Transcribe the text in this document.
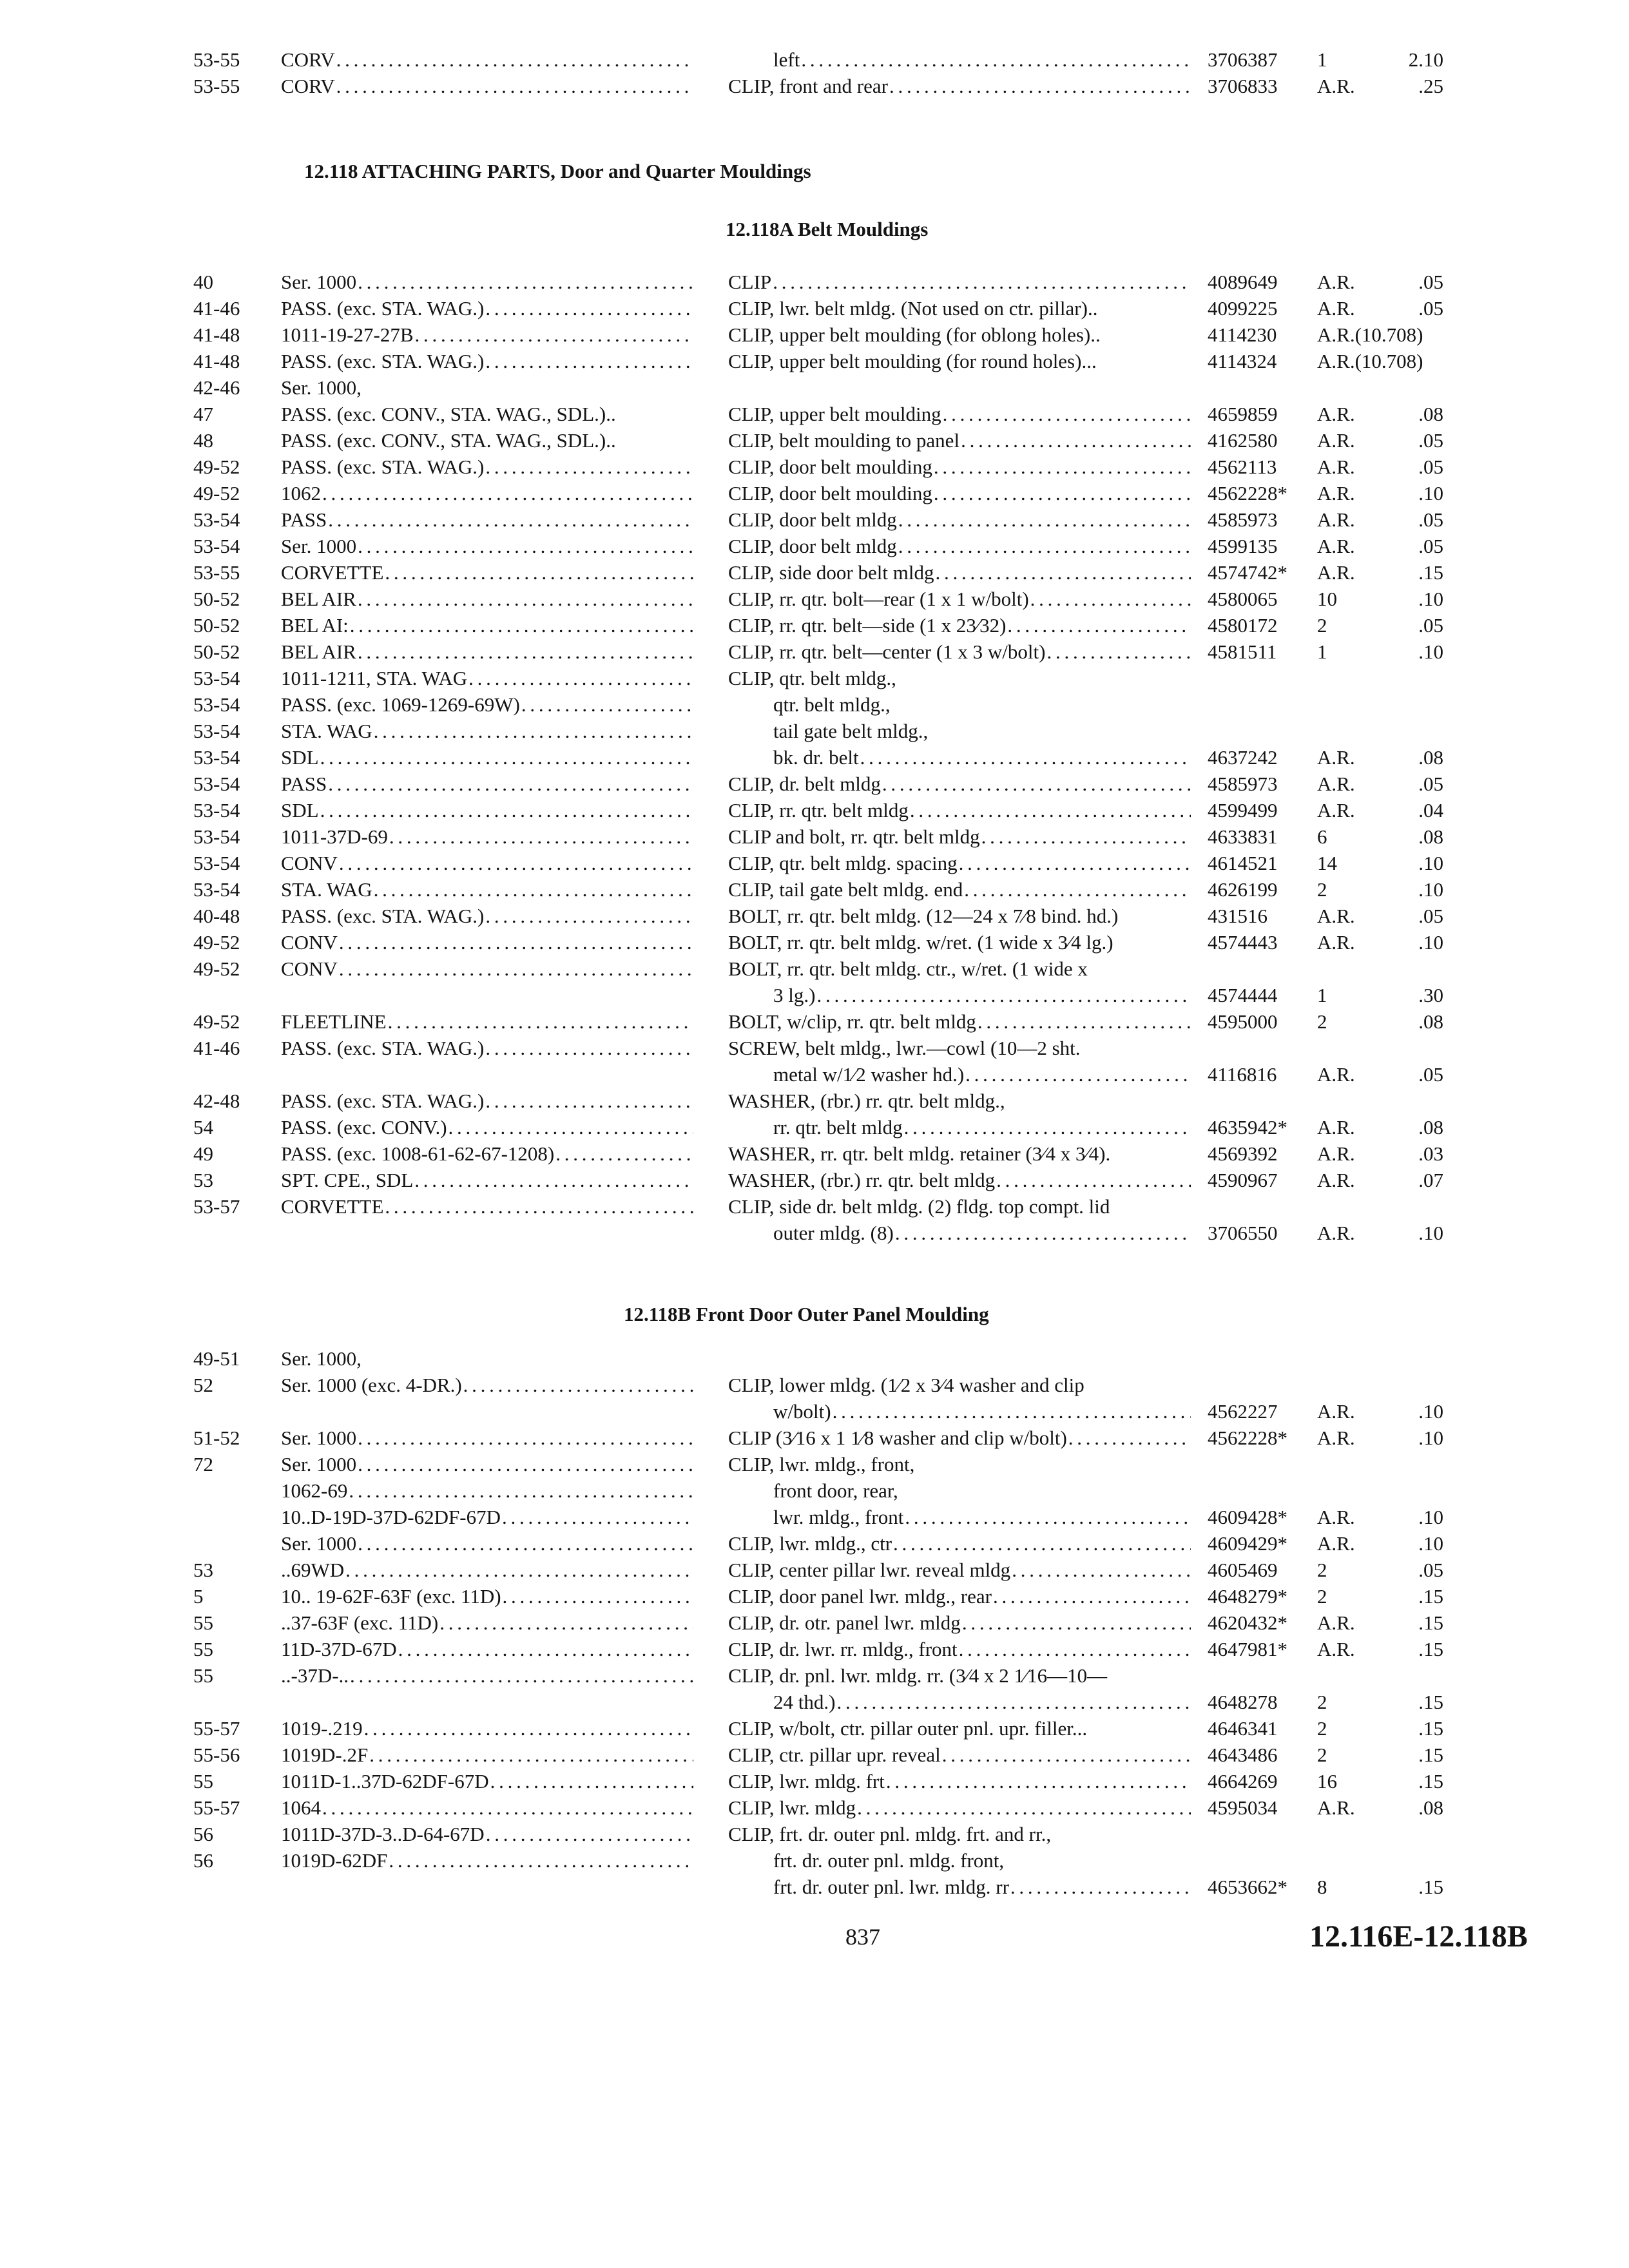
53-55	CORV . . .	left . . .	3706387	1	2.10
53-55	CORV . . .	CLIP, front and rear . . .	3706833	A.R.	.25
12.118 ATTACHING PARTS, Door and Quarter Mouldings
12.118A Belt Mouldings
40	Ser. 1000 . . .	CLIP . . .	4089649	A.R.	.05
41-46	PASS. (exc. STA. WAG.) . . .	CLIP, lwr. belt mldg. (Not used on ctr. pillar)..	4099225	A.R.	.05
41-48	1011-19-27-27B . . .	CLIP, upper belt moulding (for oblong holes)..	4114230	A.R.(10.708)
41-48	PASS. (exc. STA. WAG.) . . .	CLIP, upper belt moulding (for round holes)...	4114324	A.R.(10.708)
42-46	Ser. 1000,
47	PASS. (exc. CONV., STA. WAG., SDL.)..	CLIP, upper belt moulding . . .	4659859	A.R.	.08
48	PASS. (exc. CONV., STA. WAG., SDL.)..	CLIP, belt moulding to panel . . .	4162580	A.R.	.05
49-52	PASS. (exc. STA. WAG.) . . .	CLIP, door belt moulding . . .	4562113	A.R.	.05
49-52	1062 . . .	CLIP, door belt moulding . . .	4562228*	A.R.	.10
53-54	PASS . . .	CLIP, door belt mldg . . .	4585973	A.R.	.05
53-54	Ser. 1000 . . .	CLIP, door belt mldg . . .	4599135	A.R.	.05
53-55	CORVETTE . . .	CLIP, side door belt mldg . . .	4574742*	A.R.	.15
50-52	BEL AIR . . .	CLIP, rr. qtr. bolt—rear (1 x 1 w/bolt) . . .	4580065	10	.10
50-52	BEL AI: . . .	CLIP, rr. qtr. belt—side (1 x 23⁄32) . . .	4580172	2	.05
50-52	BEL AIR . . .	CLIP, rr. qtr. belt—center (1 x 3 w/bolt) . . .	4581511	1	.10
53-54	1011-1211, STA. WAG . . .	CLIP, qtr. belt mldg.,
53-54	PASS. (exc. 1069-1269-69W) . . .	qtr. belt mldg.,
53-54	STA. WAG . . .	tail gate belt mldg.,
53-54	SDL . . .	bk. dr. belt . . .	4637242	A.R.	.08
53-54	PASS . . .	CLIP, dr. belt mldg . . .	4585973	A.R.	.05
53-54	SDL . . .	CLIP, rr. qtr. belt mldg . . .	4599499	A.R.	.04
53-54	1011-37D-69 . . .	CLIP and bolt, rr. qtr. belt mldg . . .	4633831	6	.08
53-54	CONV . . .	CLIP, qtr. belt mldg. spacing . . .	4614521	14	.10
53-54	STA. WAG . . .	CLIP, tail gate belt mldg. end . . .	4626199	2	.10
40-48	PASS. (exc. STA. WAG.) . . .	BOLT, rr. qtr. belt mldg. (12—24 x 7⁄8 bind. hd.)	431516	A.R.	.05
49-52	CONV . . .	BOLT, rr. qtr. belt mldg. w/ret. (1 wide x 3⁄4 lg.)	4574443	A.R.	.10
49-52	CONV . . .	BOLT, rr. qtr. belt mldg. ctr., w/ret. (1 wide x
3 lg.) . . .	4574444	1	.30
49-52	FLEETLINE . . .	BOLT, w/clip, rr. qtr. belt mldg . . .	4595000	2	.08
41-46	PASS. (exc. STA. WAG.) . . .	SCREW, belt mldg., lwr.—cowl (10—2 sht.
metal w/1⁄2 washer hd.) . . .	4116816	A.R.	.05
42-48	PASS. (exc. STA. WAG.) . . .	WASHER, (rbr.) rr. qtr. belt mldg.,
54	PASS. (exc. CONV.) . . .	rr. qtr. belt mldg . . .	4635942*	A.R.	.08
49	PASS. (exc. 1008-61-62-67-1208) . . .	WASHER, rr. qtr. belt mldg. retainer (3⁄4 x 3⁄4).	4569392	A.R.	.03
53	SPT. CPE., SDL . . .	WASHER, (rbr.) rr. qtr. belt mldg . . .	4590967	A.R.	.07
53-57	CORVETTE . . .	CLIP, side dr. belt mldg. (2) fldg. top compt. lid
outer mldg. (8) . . .	3706550	A.R.	.10
12.118B Front Door Outer Panel Moulding
49-51	Ser. 1000,
52	Ser. 1000 (exc. 4-DR.) . . .	CLIP, lower mldg. (1⁄2 x 3⁄4 washer and clip
w/bolt) . . .	4562227	A.R.	.10
51-52	Ser. 1000 . . .	CLIP (3⁄16 x 1 1⁄8 washer and clip w/bolt) . . .	4562228*	A.R.	.10
72	Ser. 1000 . . .	CLIP, lwr. mldg., front,
1062-69 . . .	front door, rear,
10..D-19D-37D-62DF-67D . . .	lwr. mldg., front . . .	4609428*	A.R.	.10
Ser. 1000 . . .	CLIP, lwr. mldg., ctr . . .	4609429*	A.R.	.10
53	..69WD . . .	CLIP, center pillar lwr. reveal mldg . . .	4605469	2	.05
5	10.. 19-62F-63F (exc. 11D) . . .	CLIP, door panel lwr. mldg., rear . . .	4648279*	2	.15
55	..37-63F (exc. 11D) . . .	CLIP, dr. otr. panel lwr. mldg . . .	4620432*	A.R.	.15
55	11D-37D-67D . . .	CLIP, dr. lwr. rr. mldg., front . . .	4647981*	A.R.	.15
55	..-37D-.. . . .	CLIP, dr. pnl. lwr. mldg. rr. (3⁄4 x 2 1⁄16—10—
24 thd.) . . .	4648278	2	.15
55-57	1019-.219 . . .	CLIP, w/bolt, ctr. pillar outer pnl. upr. filler...	4646341	2	.15
55-56	1019D-.2F . . .	CLIP, ctr. pillar upr. reveal . . .	4643486	2	.15
55	1011D-1..37D-62DF-67D . . .	CLIP, lwr. mldg. frt . . .	4664269	16	.15
55-57	1064 . . .	CLIP, lwr. mldg . . .	4595034	A.R.	.08
56	1011D-37D-3..D-64-67D . . .	CLIP, frt. dr. outer pnl. mldg. frt. and rr.,
56	1019D-62DF . . .	frt. dr. outer pnl. mldg. front,
frt. dr. outer pnl. lwr. mldg. rr . . .	4653662*	8	.15
837	12.116E-12.118B
